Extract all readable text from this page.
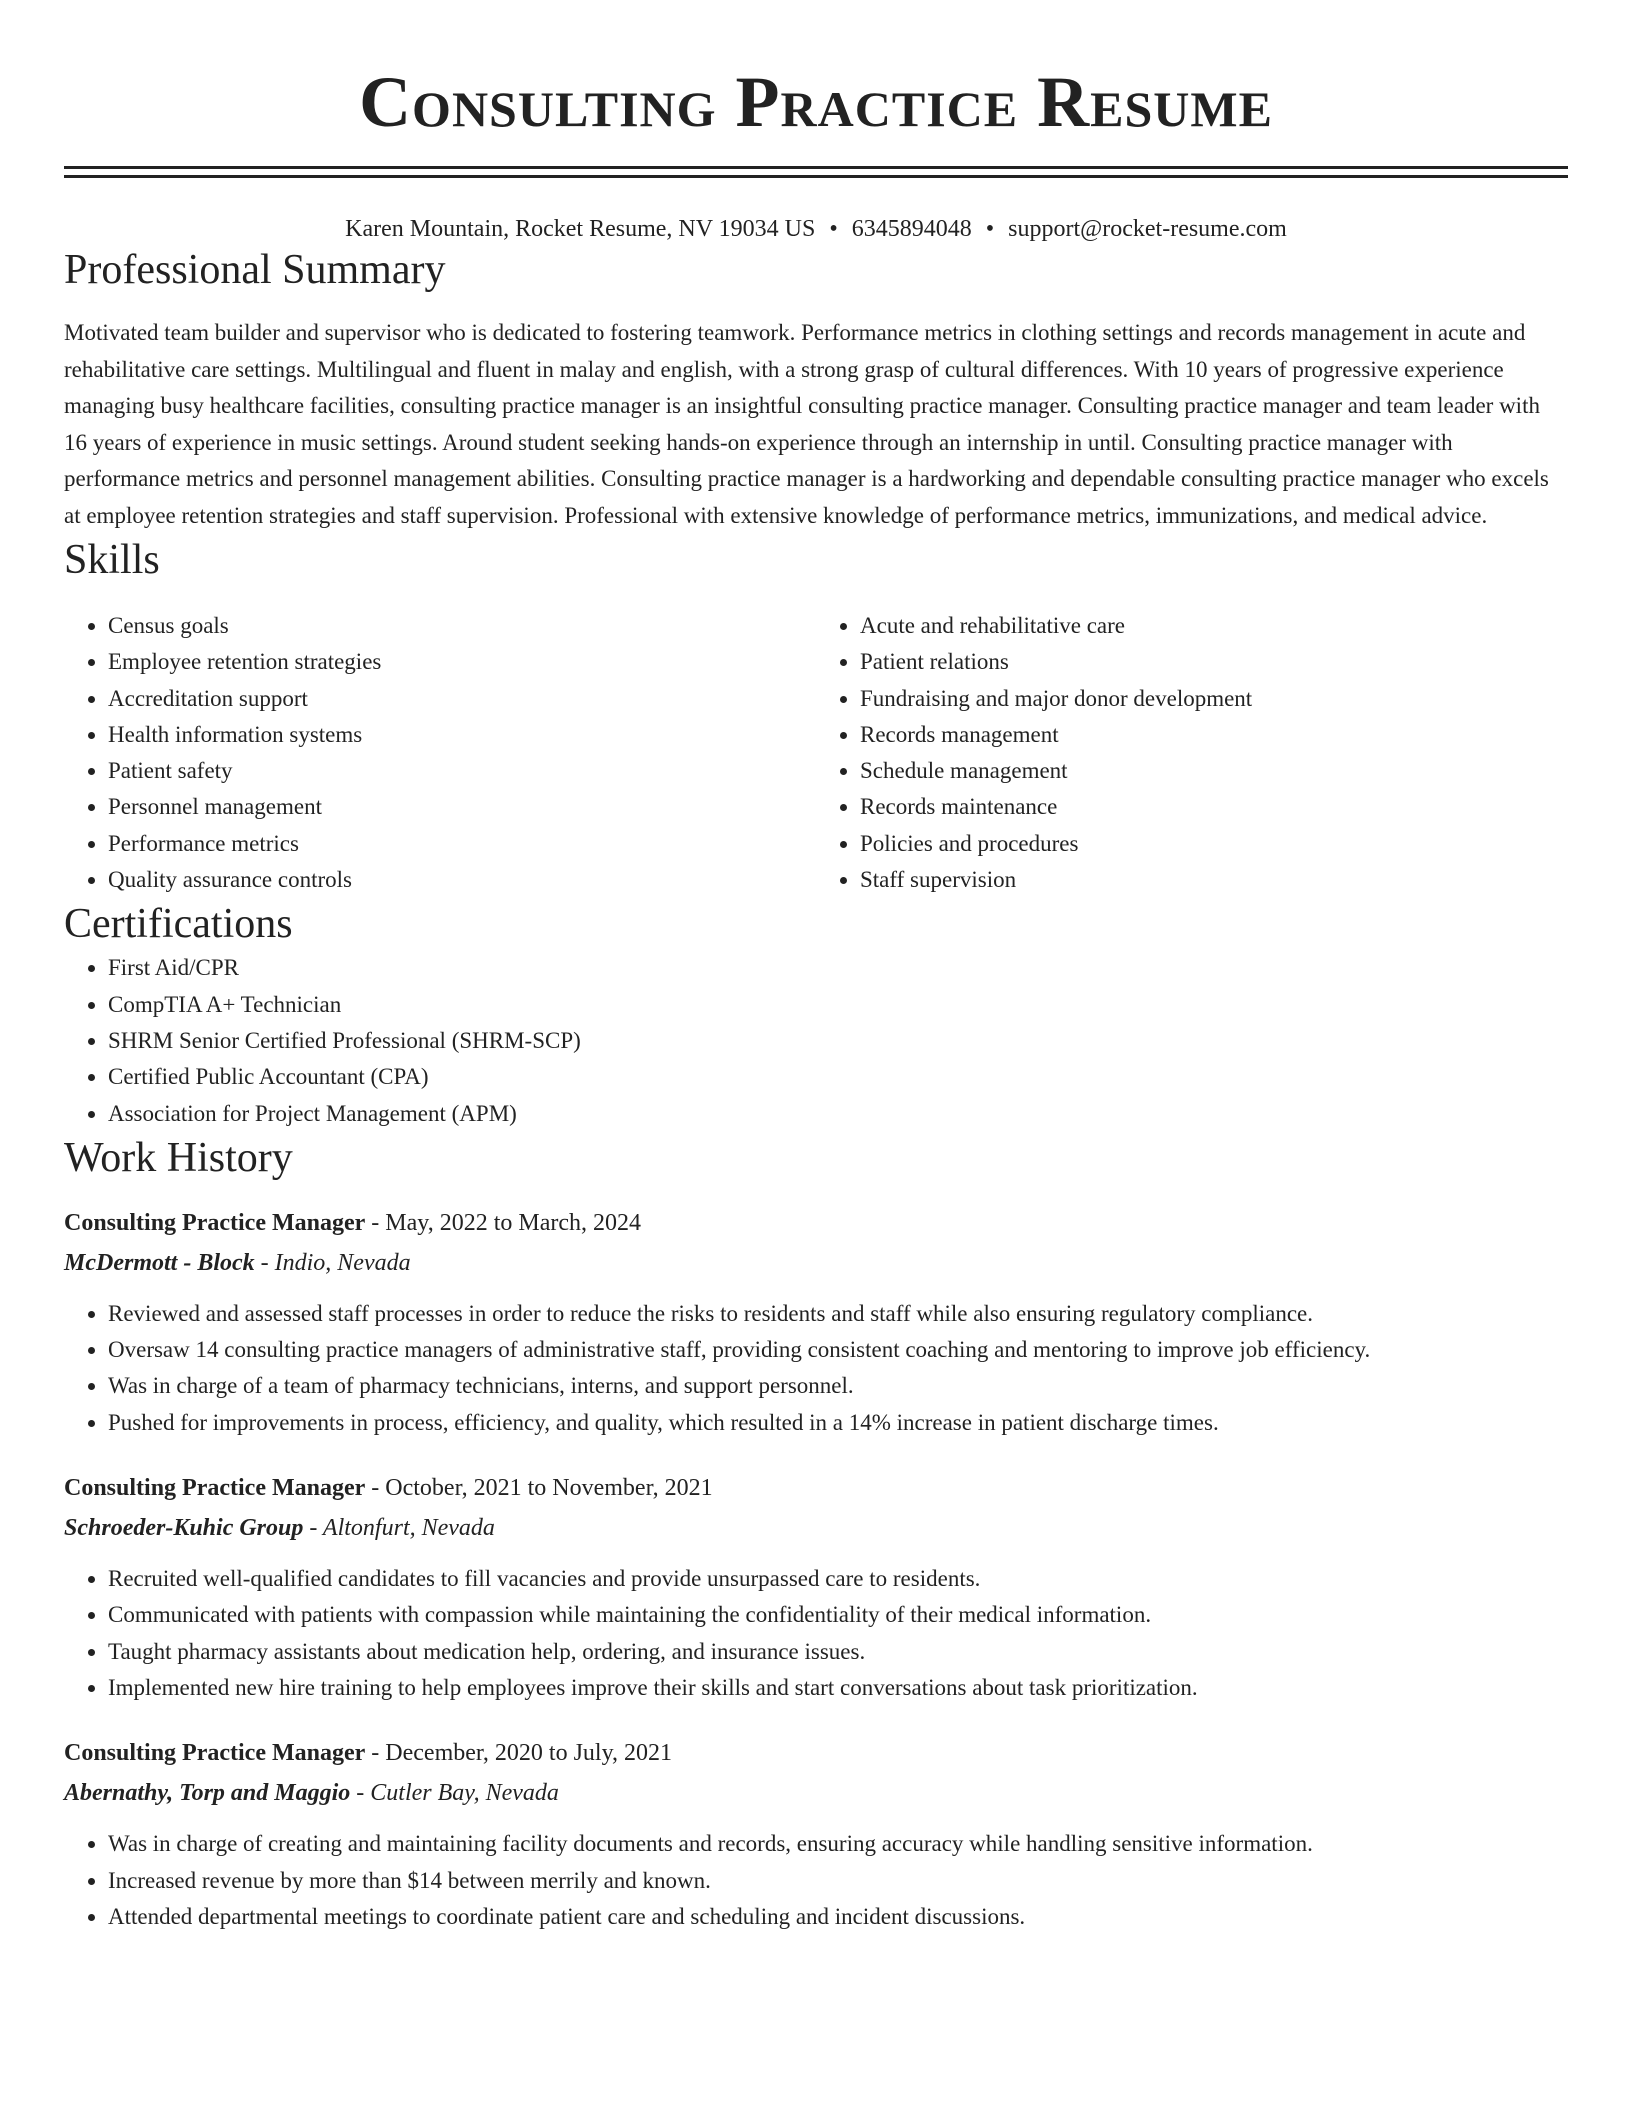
Consulting Practice Resume
Karen Mountain, Rocket Resume, NV 19034 US • 6345894048 • support@rocket-resume.com
Professional Summary

Motivated team builder and supervisor who is dedicated to fostering teamwork. Performance metrics in clothing settings and records management in acute and rehabilitative care settings. Multilingual and fluent in malay and english, with a strong grasp of cultural differences. With 10 years of progressive experience managing busy healthcare facilities, consulting practice manager is an insightful consulting practice manager. Consulting practice manager and team leader with 16 years of experience in music settings. Around student seeking hands-on experience through an internship in until. Consulting practice manager with performance metrics and personnel management abilities. Consulting practice manager is a hardworking and dependable consulting practice manager who excels at employee retention strategies and staff supervision. Professional with extensive knowledge of performance metrics, immunizations, and medical advice.

Skills
• Census goals
• Employee retention strategies
• Accreditation support
• Health information systems
• Patient safety
• Personnel management
• Performance metrics
• Quality assurance controls
• Acute and rehabilitative care
• Patient relations
• Fundraising and major donor development
• Records management
• Schedule management
• Records maintenance
• Policies and procedures
• Staff supervision
Certifications
• First Aid/CPR
• CompTIA A+ Technician
• SHRM Senior Certified Professional (SHRM-SCP)
• Certified Public Accountant (CPA)
• Association for Project Management (APM)
Work History
Consulting Practice Manager - May, 2022 to March, 2024
McDermott - Block - Indio, Nevada
• Reviewed and assessed staff processes in order to reduce the risks to residents and staff while also ensuring regulatory compliance.
• Oversaw 14 consulting practice managers of administrative staff, providing consistent coaching and mentoring to improve job efficiency.
• Was in charge of a team of pharmacy technicians, interns, and support personnel.
• Pushed for improvements in process, efficiency, and quality, which resulted in a 14% increase in patient discharge times.
Consulting Practice Manager - October, 2021 to November, 2021
Schroeder-Kuhic Group - Altonfurt, Nevada
• Recruited well-qualified candidates to fill vacancies and provide unsurpassed care to residents.
• Communicated with patients with compassion while maintaining the confidentiality of their medical information.
• Taught pharmacy assistants about medication help, ordering, and insurance issues.
• Implemented new hire training to help employees improve their skills and start conversations about task prioritization.
Consulting Practice Manager - December, 2020 to July, 2021
Abernathy, Torp and Maggio - Cutler Bay, Nevada
• Was in charge of creating and maintaining facility documents and records, ensuring accuracy while handling sensitive information.
• Increased revenue by more than $14 between merrily and known.
• Attended departmental meetings to coordinate patient care and scheduling and incident discussions.
